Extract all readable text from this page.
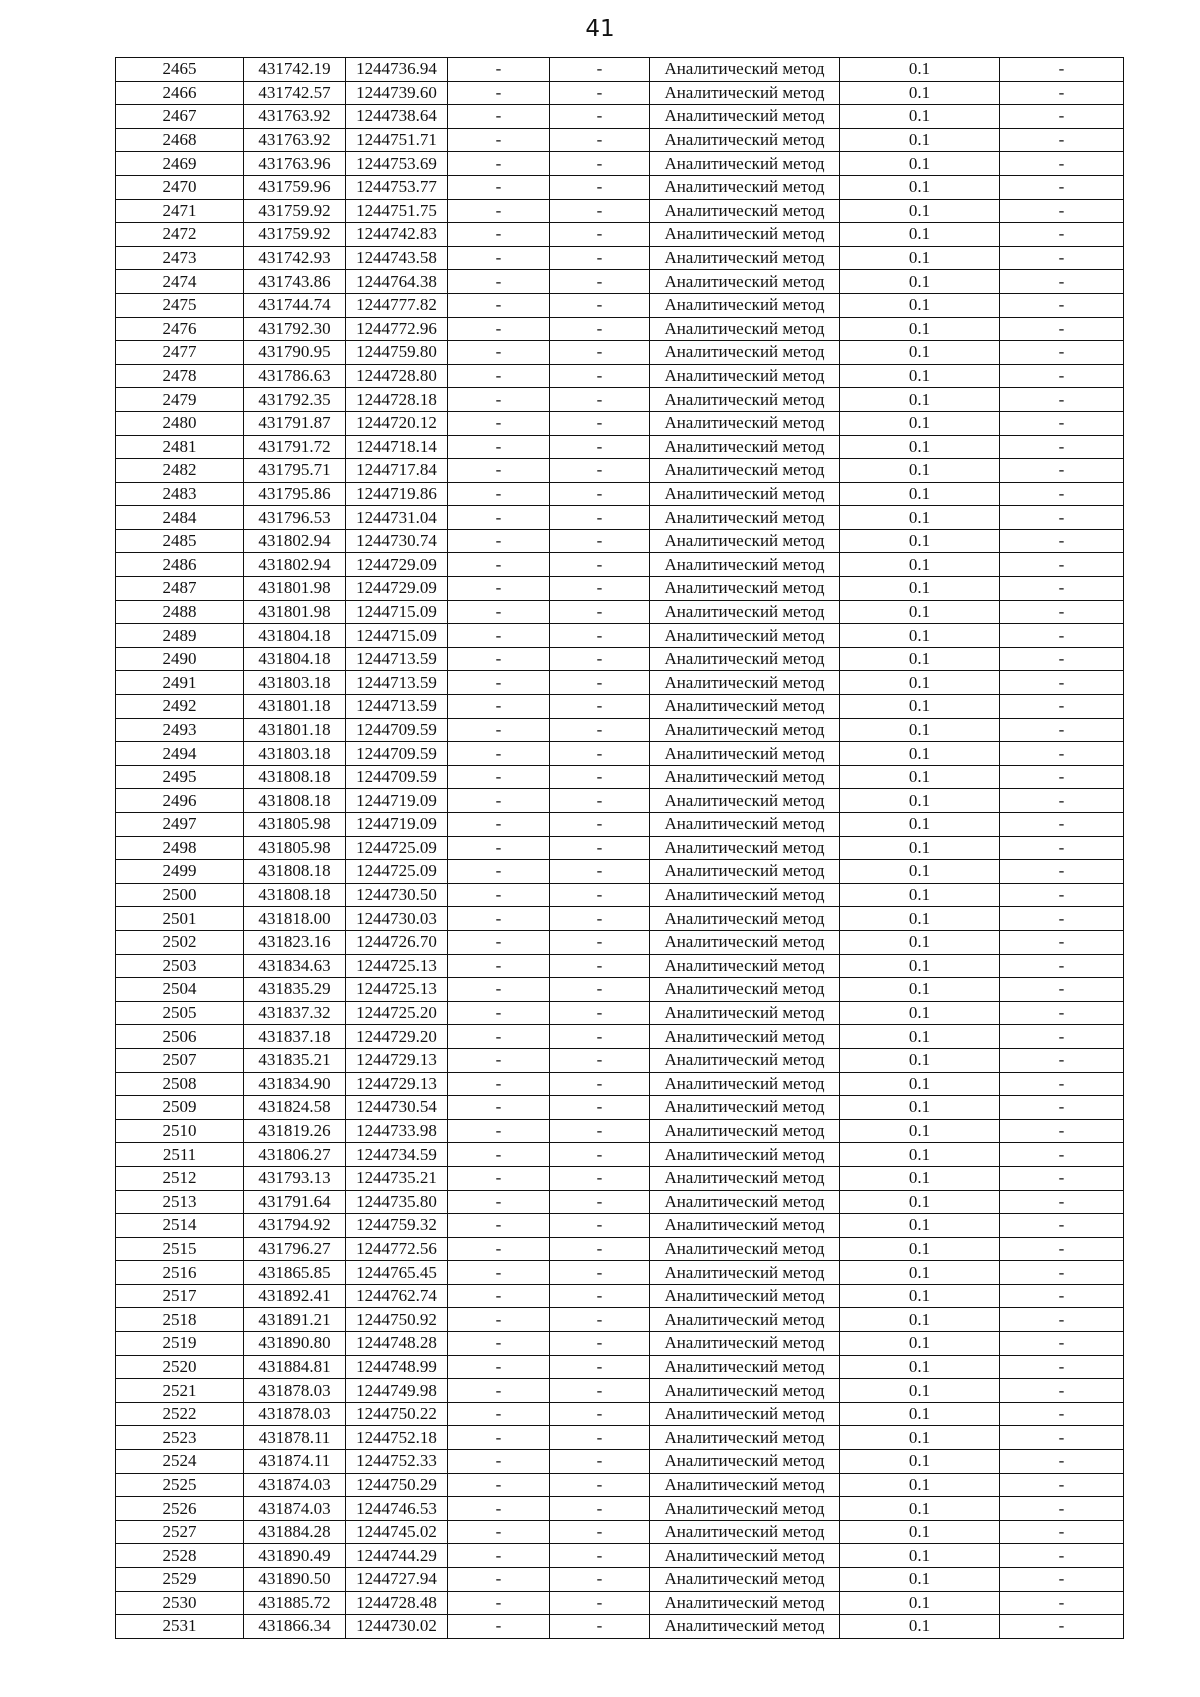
41
2465	431742.19	1244736.94	-	-	Аналитический метод	0.1	-
2466	431742.57	1244739.60	-	-	Аналитический метод	0.1	-
2467	431763.92	1244738.64	-	-	Аналитический метод	0.1	-
2468	431763.92	1244751.71	-	-	Аналитический метод	0.1	-
2469	431763.96	1244753.69	-	-	Аналитический метод	0.1	-
2470	431759.96	1244753.77	-	-	Аналитический метод	0.1	-
2471	431759.92	1244751.75	-	-	Аналитический метод	0.1	-
2472	431759.92	1244742.83	-	-	Аналитический метод	0.1	-
2473	431742.93	1244743.58	-	-	Аналитический метод	0.1	-
2474	431743.86	1244764.38	-	-	Аналитический метод	0.1	-
2475	431744.74	1244777.82	-	-	Аналитический метод	0.1	-
2476	431792.30	1244772.96	-	-	Аналитический метод	0.1	-
2477	431790.95	1244759.80	-	-	Аналитический метод	0.1	-
2478	431786.63	1244728.80	-	-	Аналитический метод	0.1	-
2479	431792.35	1244728.18	-	-	Аналитический метод	0.1	-
2480	431791.87	1244720.12	-	-	Аналитический метод	0.1	-
2481	431791.72	1244718.14	-	-	Аналитический метод	0.1	-
2482	431795.71	1244717.84	-	-	Аналитический метод	0.1	-
2483	431795.86	1244719.86	-	-	Аналитический метод	0.1	-
2484	431796.53	1244731.04	-	-	Аналитический метод	0.1	-
2485	431802.94	1244730.74	-	-	Аналитический метод	0.1	-
2486	431802.94	1244729.09	-	-	Аналитический метод	0.1	-
2487	431801.98	1244729.09	-	-	Аналитический метод	0.1	-
2488	431801.98	1244715.09	-	-	Аналитический метод	0.1	-
2489	431804.18	1244715.09	-	-	Аналитический метод	0.1	-
2490	431804.18	1244713.59	-	-	Аналитический метод	0.1	-
2491	431803.18	1244713.59	-	-	Аналитический метод	0.1	-
2492	431801.18	1244713.59	-	-	Аналитический метод	0.1	-
2493	431801.18	1244709.59	-	-	Аналитический метод	0.1	-
2494	431803.18	1244709.59	-	-	Аналитический метод	0.1	-
2495	431808.18	1244709.59	-	-	Аналитический метод	0.1	-
2496	431808.18	1244719.09	-	-	Аналитический метод	0.1	-
2497	431805.98	1244719.09	-	-	Аналитический метод	0.1	-
2498	431805.98	1244725.09	-	-	Аналитический метод	0.1	-
2499	431808.18	1244725.09	-	-	Аналитический метод	0.1	-
2500	431808.18	1244730.50	-	-	Аналитический метод	0.1	-
2501	431818.00	1244730.03	-	-	Аналитический метод	0.1	-
2502	431823.16	1244726.70	-	-	Аналитический метод	0.1	-
2503	431834.63	1244725.13	-	-	Аналитический метод	0.1	-
2504	431835.29	1244725.13	-	-	Аналитический метод	0.1	-
2505	431837.32	1244725.20	-	-	Аналитический метод	0.1	-
2506	431837.18	1244729.20	-	-	Аналитический метод	0.1	-
2507	431835.21	1244729.13	-	-	Аналитический метод	0.1	-
2508	431834.90	1244729.13	-	-	Аналитический метод	0.1	-
2509	431824.58	1244730.54	-	-	Аналитический метод	0.1	-
2510	431819.26	1244733.98	-	-	Аналитический метод	0.1	-
2511	431806.27	1244734.59	-	-	Аналитический метод	0.1	-
2512	431793.13	1244735.21	-	-	Аналитический метод	0.1	-
2513	431791.64	1244735.80	-	-	Аналитический метод	0.1	-
2514	431794.92	1244759.32	-	-	Аналитический метод	0.1	-
2515	431796.27	1244772.56	-	-	Аналитический метод	0.1	-
2516	431865.85	1244765.45	-	-	Аналитический метод	0.1	-
2517	431892.41	1244762.74	-	-	Аналитический метод	0.1	-
2518	431891.21	1244750.92	-	-	Аналитический метод	0.1	-
2519	431890.80	1244748.28	-	-	Аналитический метод	0.1	-
2520	431884.81	1244748.99	-	-	Аналитический метод	0.1	-
2521	431878.03	1244749.98	-	-	Аналитический метод	0.1	-
2522	431878.03	1244750.22	-	-	Аналитический метод	0.1	-
2523	431878.11	1244752.18	-	-	Аналитический метод	0.1	-
2524	431874.11	1244752.33	-	-	Аналитический метод	0.1	-
2525	431874.03	1244750.29	-	-	Аналитический метод	0.1	-
2526	431874.03	1244746.53	-	-	Аналитический метод	0.1	-
2527	431884.28	1244745.02	-	-	Аналитический метод	0.1	-
2528	431890.49	1244744.29	-	-	Аналитический метод	0.1	-
2529	431890.50	1244727.94	-	-	Аналитический метод	0.1	-
2530	431885.72	1244728.48	-	-	Аналитический метод	0.1	-
2531	431866.34	1244730.02	-	-	Аналитический метод	0.1	-
